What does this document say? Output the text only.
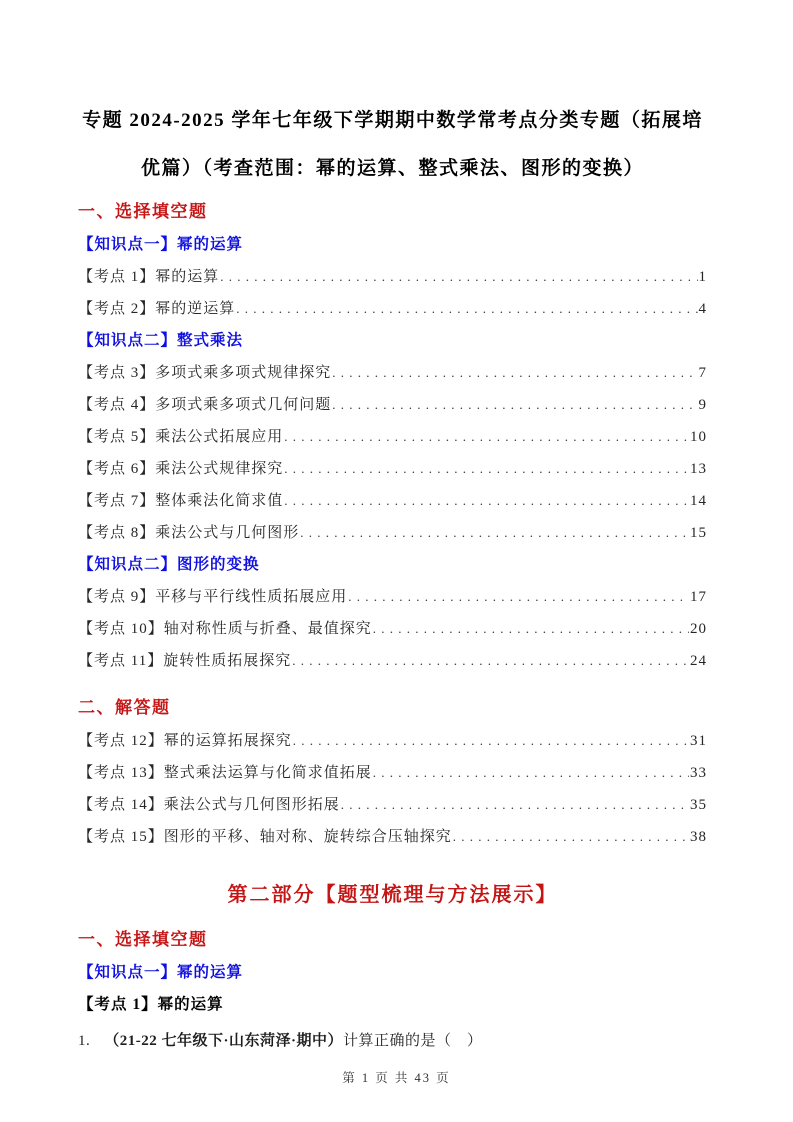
专题 2024-2025 学年七年级下学期期中数学常考点分类专题（拓展培
优篇）（考查范围：幂的运算、整式乘法、图形的变换）
一、选择填空题
【知识点一】幂的运算
【考点 1】幂的运算 . . .	1
【考点 2】幂的逆运算 . . .	4
【知识点二】整式乘法
【考点 3】多项式乘多项式规律探究 . . .	7
【考点 4】多项式乘多项式几何问题 . . .	9
【考点 5】乘法公式拓展应用 . . .	10
【考点 6】乘法公式规律探究 . . .	13
【考点 7】整体乘法化简求值 . . .	14
【考点 8】乘法公式与几何图形 . . .	15
【知识点二】图形的变换
【考点 9】平移与平行线性质拓展应用 . . .	17
【考点 10】轴对称性质与折叠、最值探究 . . .	20
【考点 11】旋转性质拓展探究 . . .	24
二、解答题
【考点 12】幂的运算拓展探究 . . .	31
【考点 13】整式乘法运算与化简求值拓展 . . .	33
【考点 14】乘法公式与几何图形拓展 . . .	35
【考点 15】图形的平移、轴对称、旋转综合压轴探究 . . .	38
第二部分【题型梳理与方法展示】
一、选择填空题
【知识点一】幂的运算
【考点 1】幂的运算
1. （21-22 七年级下·山东菏泽·期中）计算正确的是（　）
第 1 页 共 43 页
